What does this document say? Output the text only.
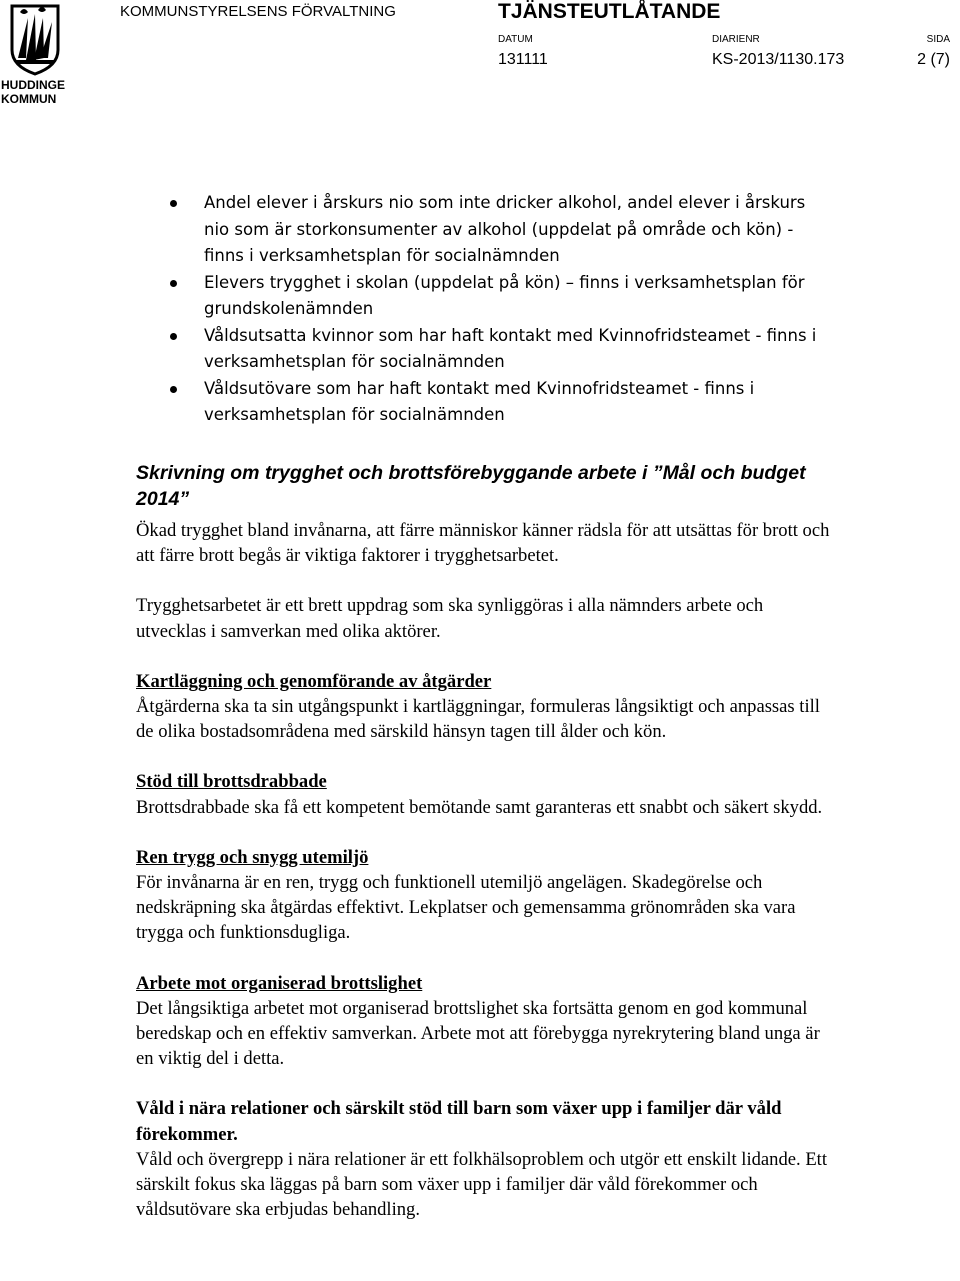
HUDDINGE
KOMMUN
KOMMUNSTYRELSENS FÖRVALTNING	TJÄNSTEUTLÅTANDE
DATUM
131111
DIARIENR
KS-2013/1130.173
SIDA
2 (7)
Andel elever i årskurs nio som inte dricker alkohol, andel elever i årskurs nio som är storkonsumenter av alkohol (uppdelat på område och kön) - finns i verksamhetsplan för socialnämnden
Elevers trygghet i skolan (uppdelat på kön) – finns i verksamhetsplan för grundskolenämnden
Våldsutsatta kvinnor som har haft kontakt med Kvinnofridsteamet - finns i verksamhetsplan för socialnämnden
Våldsutövare som har haft kontakt med Kvinnofridsteamet - finns i verksamhetsplan för socialnämnden

Skrivning om trygghet och brottsförebyggande arbete i ”Mål och budget 2014”

Ökad trygghet bland invånarna, att färre människor känner rädsla för att utsättas för brott och att färre brott begås är viktiga faktorer i trygghetsarbetet.

Trygghetsarbetet är ett brett uppdrag som ska synliggöras i alla nämnders arbete och utvecklas i samverkan med olika aktörer.

Kartläggning och genomförande av åtgärder

Åtgärderna ska ta sin utgångspunkt i kartläggningar, formuleras långsiktigt och anpassas till de olika bostadsområdena med särskild hänsyn tagen till ålder och kön.

Stöd till brottsdrabbade

Brottsdrabbade ska få ett kompetent bemötande samt garanteras ett snabbt och säkert skydd.

Ren trygg och snygg utemiljö

För invånarna är en ren, trygg och funktionell utemiljö angelägen. Skadegörelse och nedskräpning ska åtgärdas effektivt. Lekplatser och gemensamma grönområden ska vara trygga och funktionsdugliga.

Arbete mot organiserad brottslighet

Det långsiktiga arbetet mot organiserad brottslighet ska fortsätta genom en god kommunal beredskap och en effektiv samverkan. Arbete mot att förebygga nyrekrytering bland unga är en viktig del i detta.

Våld i nära relationer och särskilt stöd till barn som växer upp i familjer där våld förekommer.

Våld och övergrepp i nära relationer är ett folkhälsoproblem och utgör ett enskilt lidande. Ett särskilt fokus ska läggas på barn som växer upp i familjer där våld förekommer och våldsutövare ska erbjudas behandling.
